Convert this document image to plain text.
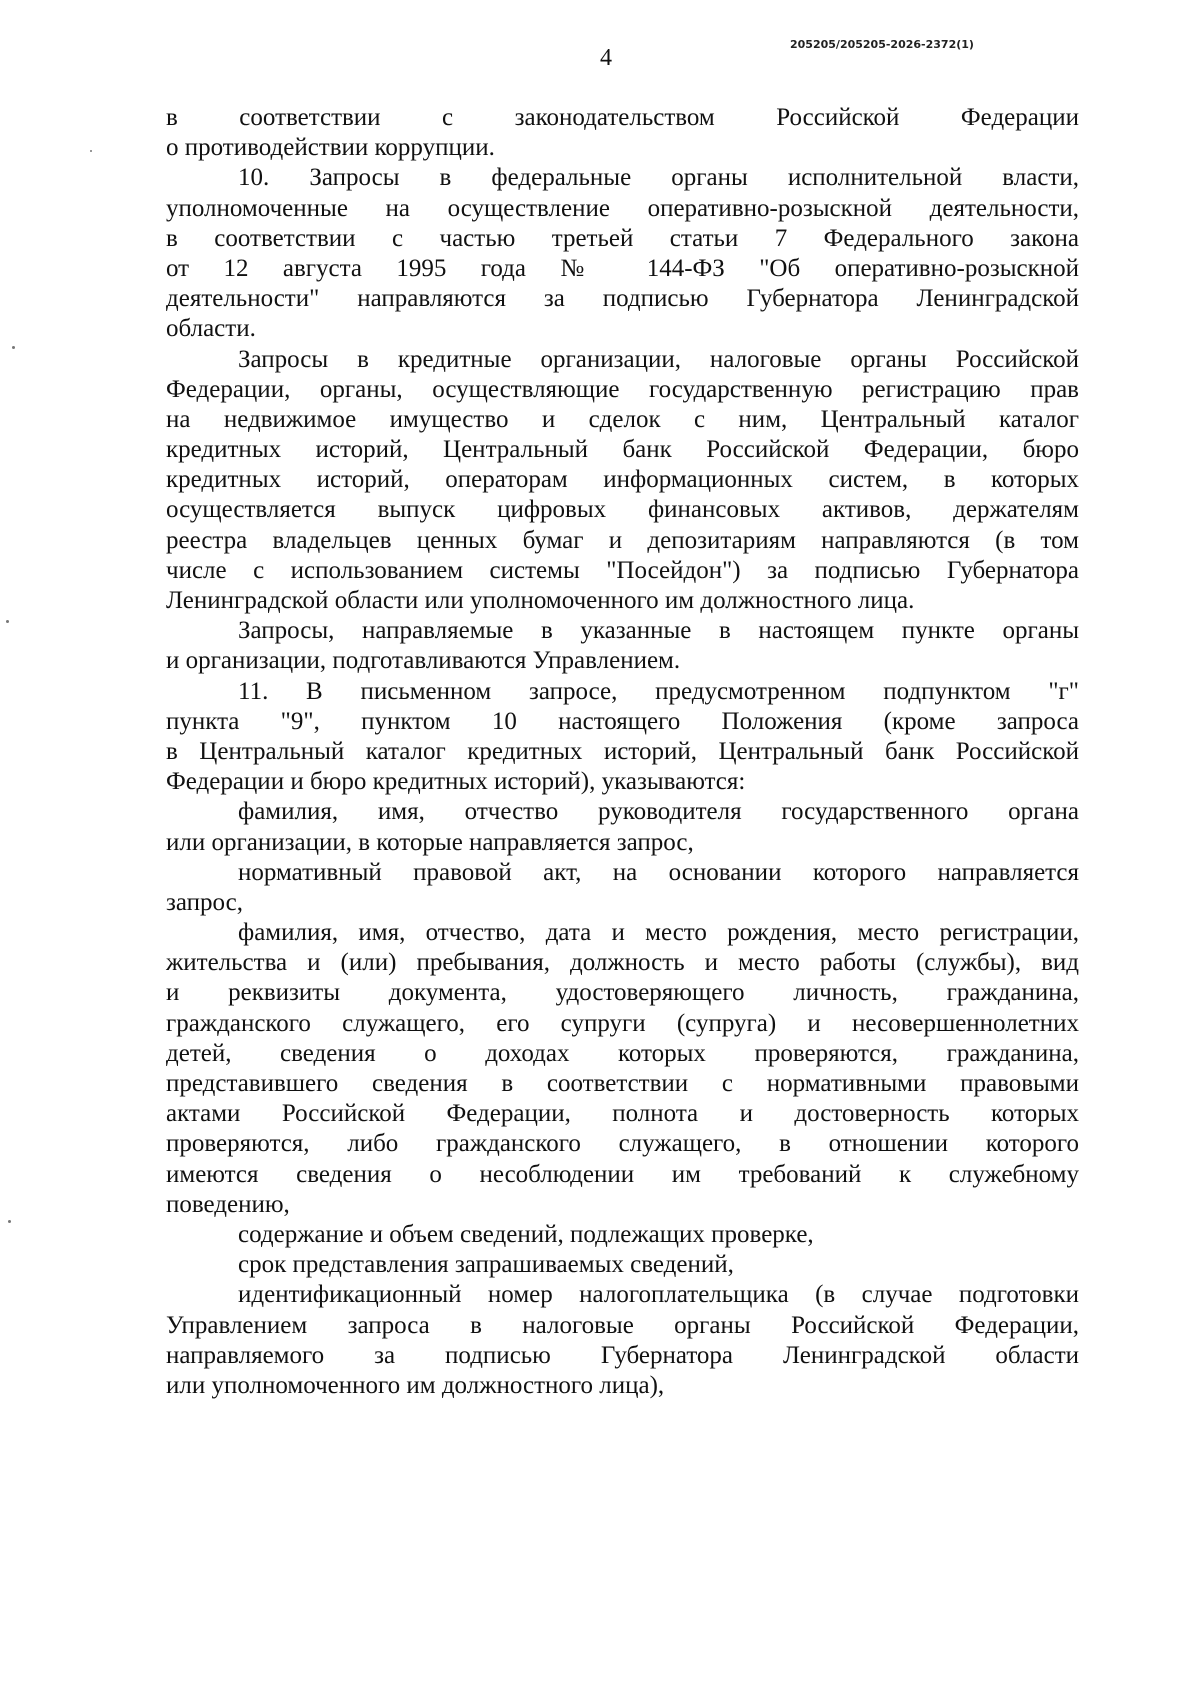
4
205205/205205-2026-2372(1)
в соответствии с законодательством Российской Федерации
о противодействии коррупции.
10. Запросы в федеральные органы исполнительной власти,
уполномоченные на осуществление оперативно-розыскной деятельности,
в соответствии с частью третьей статьи 7 Федерального закона
от 12 августа 1995 года № 144-ФЗ "Об оперативно-розыскной
деятельности" направляются за подписью Губернатора Ленинградской
области.
Запросы в кредитные организации, налоговые органы Российской
Федерации, органы, осуществляющие государственную регистрацию прав
на недвижимое имущество и сделок с ним, Центральный каталог
кредитных историй, Центральный банк Российской Федерации, бюро
кредитных историй, операторам информационных систем, в которых
осуществляется выпуск цифровых финансовых активов, держателям
реестра владельцев ценных бумаг и депозитариям направляются (в том
числе с использованием системы "Посейдон") за подписью Губернатора
Ленинградской области или уполномоченного им должностного лица.
Запросы, направляемые в указанные в настоящем пункте органы
и организации, подготавливаются Управлением.
11. В письменном запросе, предусмотренном подпунктом "г"
пункта "9", пунктом 10 настоящего Положения (кроме запроса
в Центральный каталог кредитных историй, Центральный банк Российской
Федерации и бюро кредитных историй), указываются:
фамилия, имя, отчество руководителя государственного органа
или организации, в которые направляется запрос,
нормативный правовой акт, на основании которого направляется
запрос,
фамилия, имя, отчество, дата и место рождения, место регистрации,
жительства и (или) пребывания, должность и место работы (службы), вид
и реквизиты документа, удостоверяющего личность, гражданина,
гражданского служащего, его супруги (супруга) и несовершеннолетних
детей, сведения о доходах которых проверяются, гражданина,
представившего сведения в соответствии с нормативными правовыми
актами Российской Федерации, полнота и достоверность которых
проверяются, либо гражданского служащего, в отношении которого
имеются сведения о несоблюдении им требований к служебному
поведению,
содержание и объем сведений, подлежащих проверке,
срок представления запрашиваемых сведений,
идентификационный номер налогоплательщика (в случае подготовки
Управлением запроса в налоговые органы Российской Федерации,
направляемого за подписью Губернатора Ленинградской области
или уполномоченного им должностного лица),
